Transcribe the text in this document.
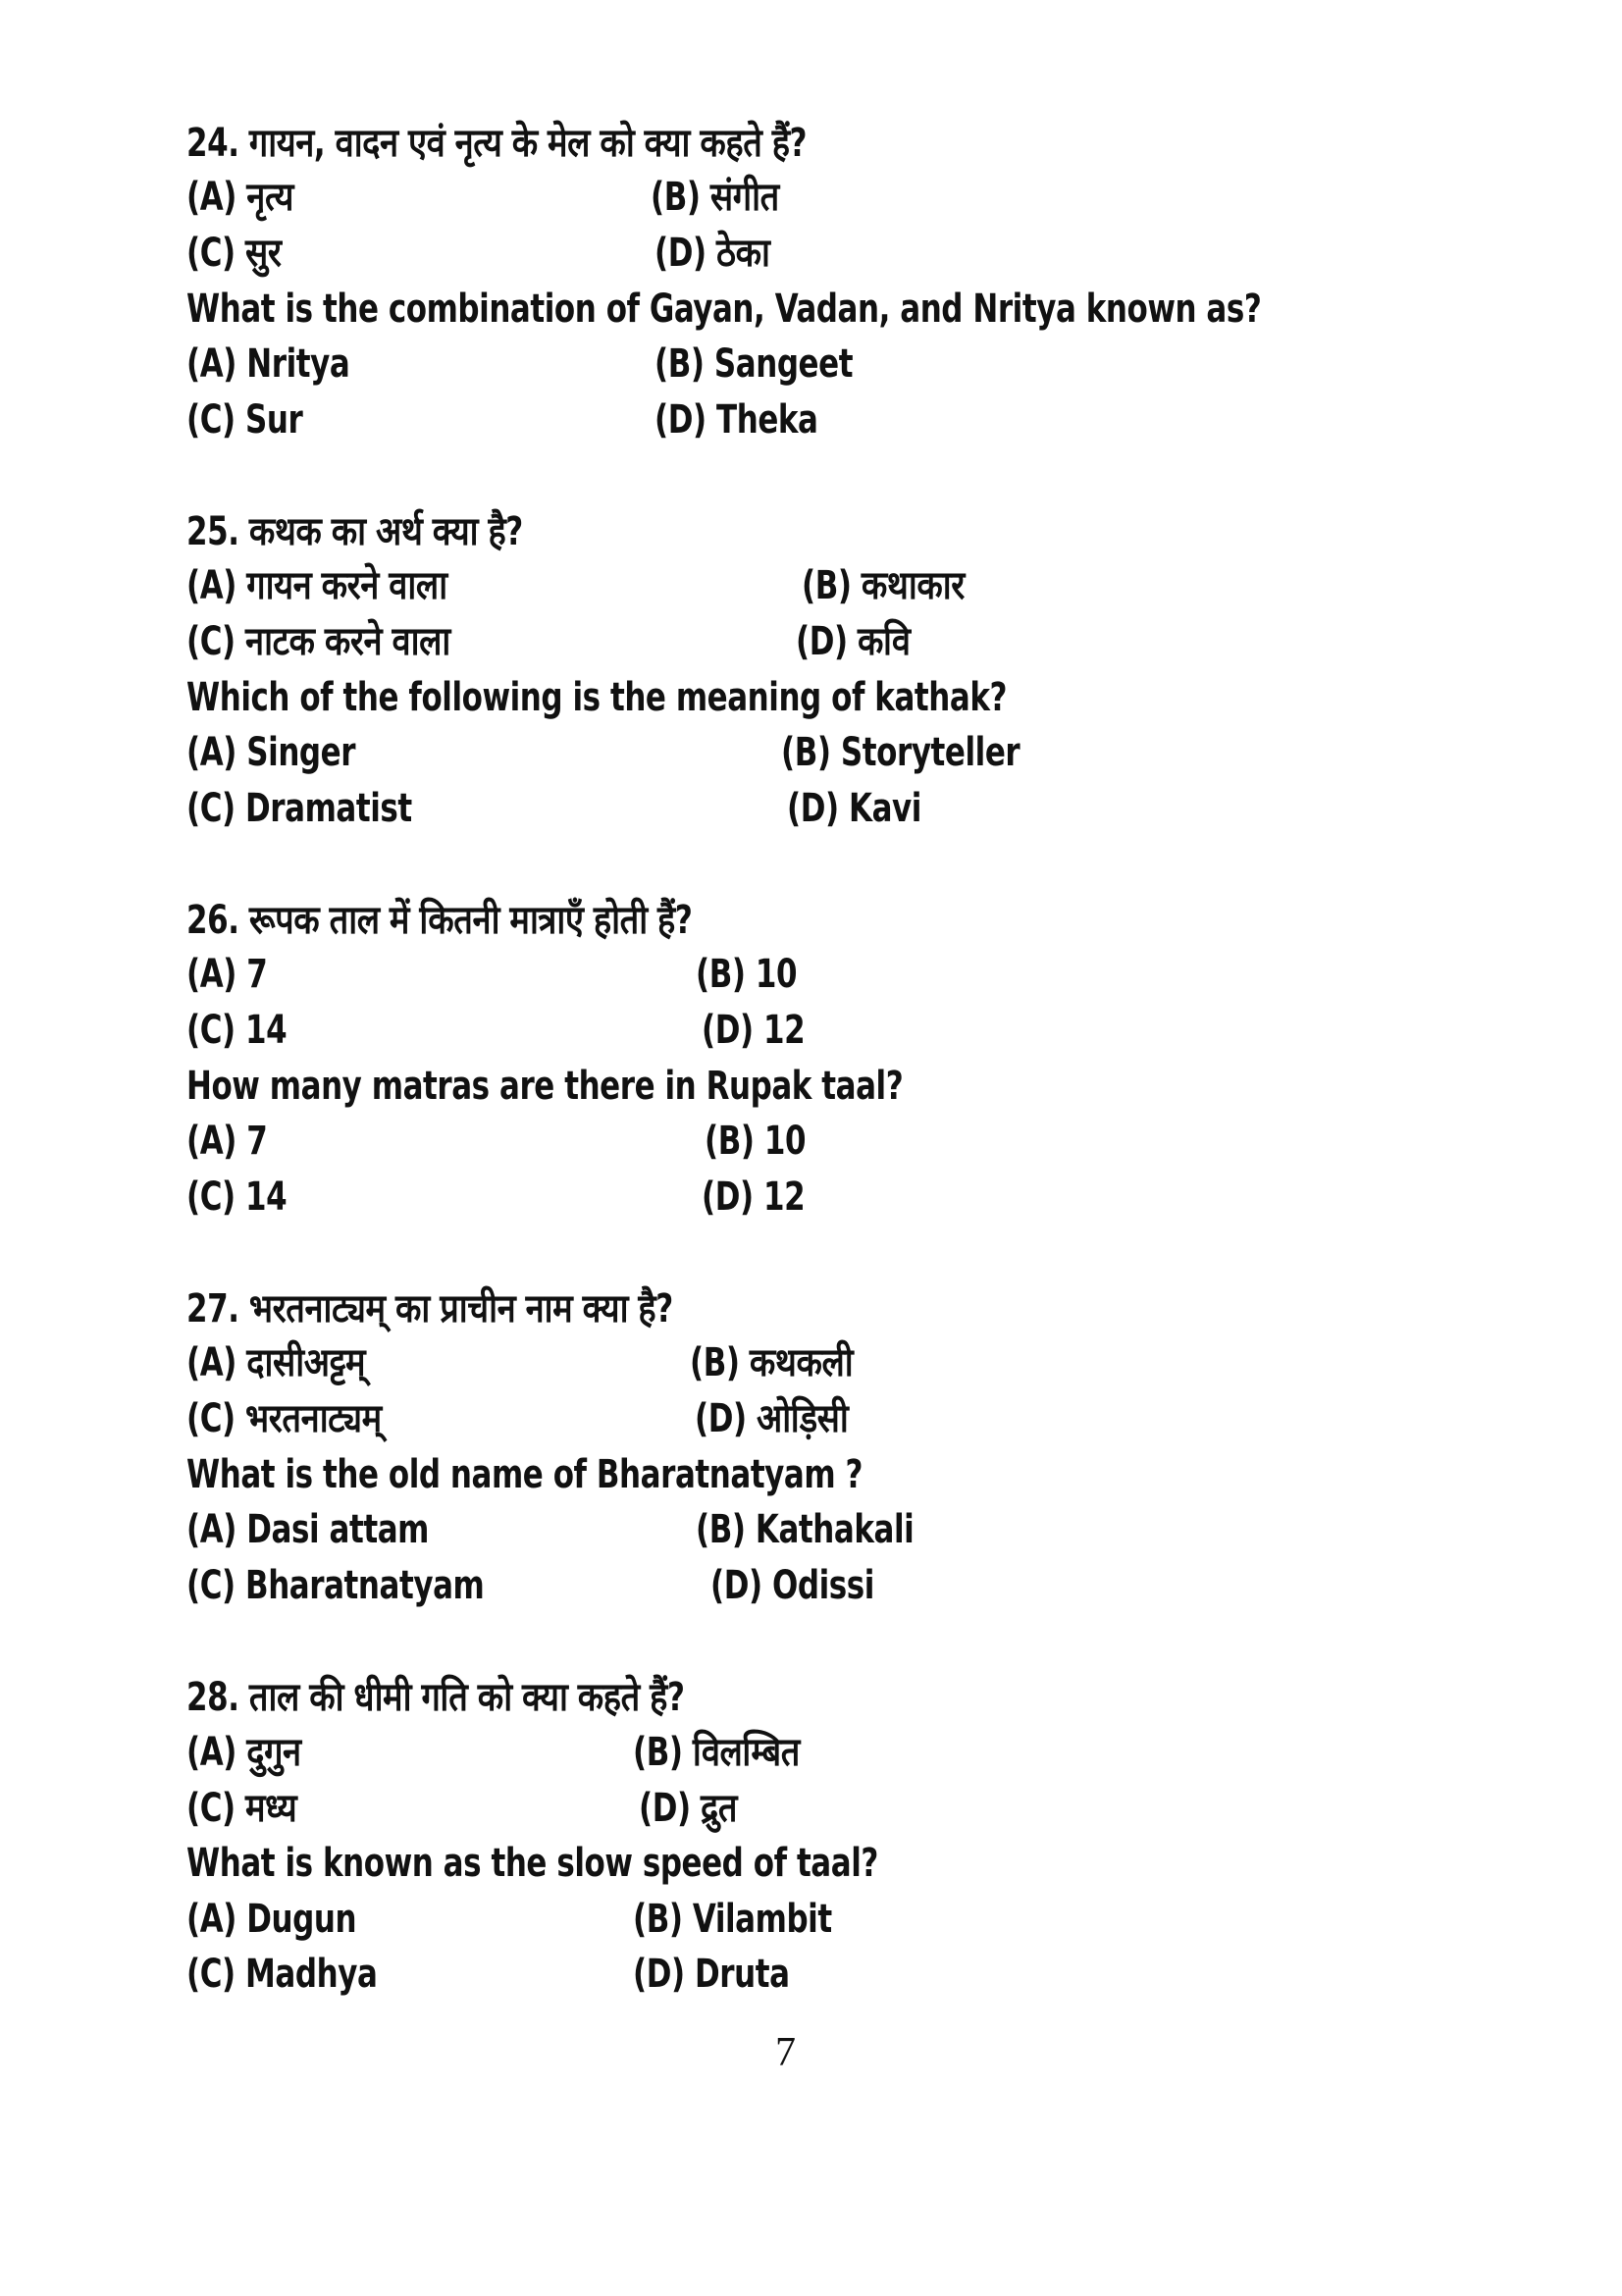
24. गायन, वादन एवं नृत्य के मेल को क्या कहते हैं?
(A) नृत्य	(B) संगीत
(C) सुर	(D) ठेका
What is the combination of Gayan, Vadan, and Nritya known as?
(A) Nritya	(B) Sangeet
(C) Sur	(D) Theka
25. कथक का अर्थ क्या है?
(A) गायन करने वाला	(B) कथाकार
(C) नाटक करने वाला	(D) कवि
Which of the following is the meaning of kathak?
(A) Singer	(B) Storyteller
(C) Dramatist	(D) Kavi
26. रूपक ताल में कितनी मात्राएँ होती हैं?
(A) 7	(B) 10
(C) 14	(D) 12
How many matras are there in Rupak taal?
(A) 7	(B) 10
(C) 14	(D) 12
27. भरतनाट्यम् का प्राचीन नाम क्या है?
(A) दासीअट्टम्	(B) कथकली
(C) भरतनाट्यम्	(D) ओड़िसी
What is the old name of Bharatnatyam ?
(A) Dasi attam	(B) Kathakali
(C) Bharatnatyam	(D) Odissi
28. ताल की धीमी गति को क्या कहते हैं?
(A) दुगुन	(B) विलम्बित
(C) मध्य	(D) द्रुत
What is known as the slow speed of taal?
(A) Dugun	(B) Vilambit
(C) Madhya	(D) Druta
7
